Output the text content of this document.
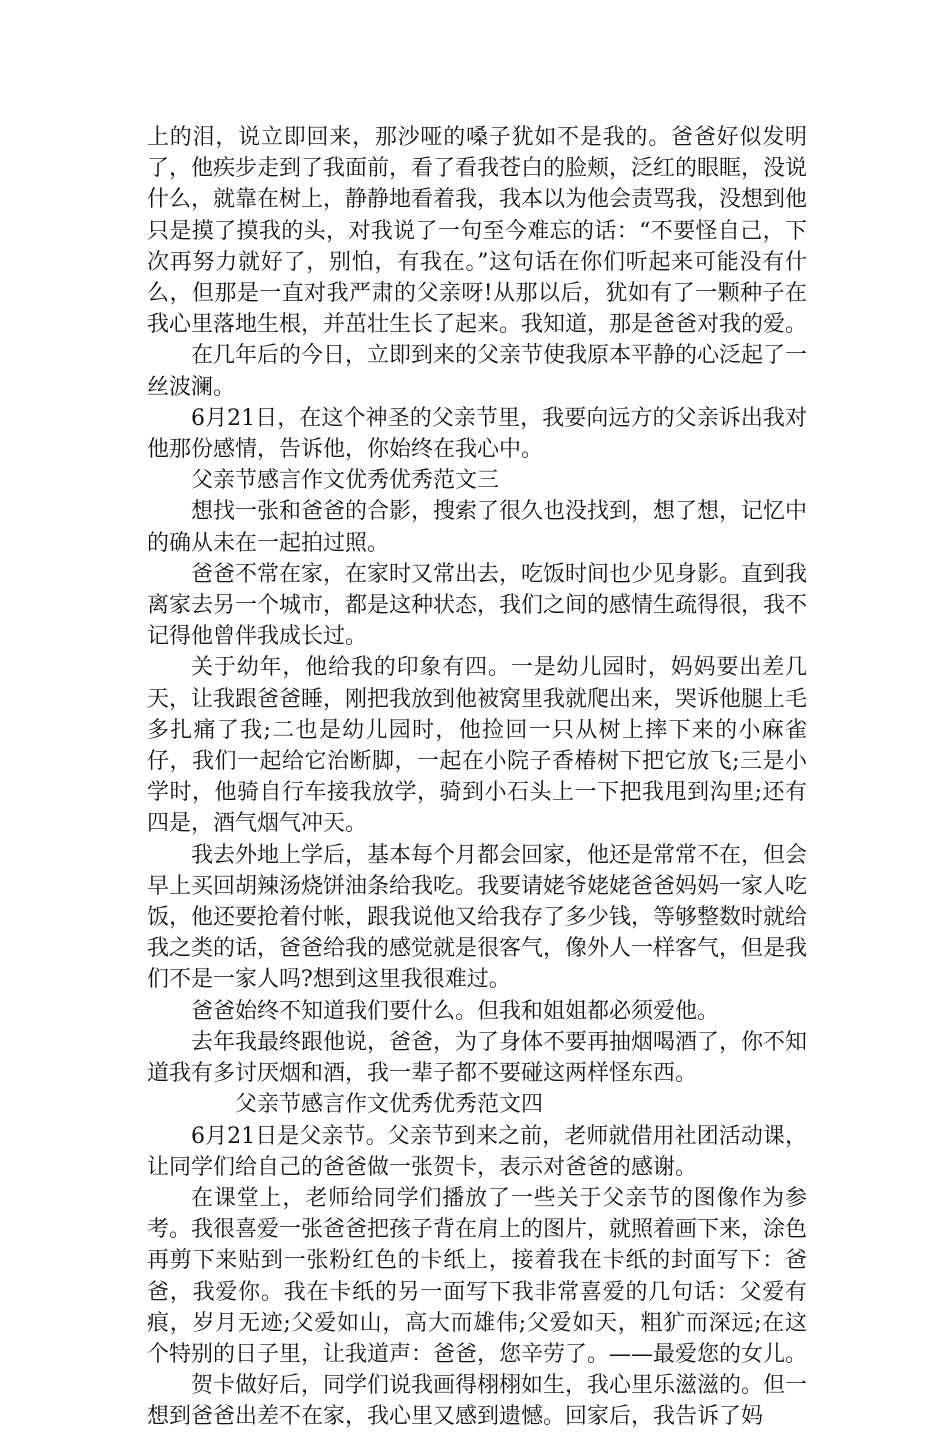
上的泪，说立即回来，那沙哑的嗓子犹如不是我的。爸爸好似发明了，他疾步走到了我面前，看了看我苍白的脸颊，泛红的眼眶，没说什么，就靠在树上，静静地看着我，我本以为他会责骂我，没想到他只是摸了摸我的头，对我说了一句至今难忘的话：“不要怪自己，下次再努力就好了，别怕，有我在。”这句话在你们听起来可能没有什么，但那是一直对我严肃的父亲呀!从那以后，犹如有了一颗种子在我心里落地生根，并茁壮生长了起来。我知道，那是爸爸对我的爱。

在几年后的今日，立即到来的父亲节使我原本平静的心泛起了一丝波澜。

6月21日，在这个神圣的父亲节里，我要向远方的父亲诉出我对他那份感情，告诉他，你始终在我心中。

父亲节感言作文优秀优秀范文三

想找一张和爸爸的合影，搜索了很久也没找到，想了想，记忆中的确从未在一起拍过照。

爸爸不常在家，在家时又常出去，吃饭时间也少见身影。直到我离家去另一个城市，都是这种状态，我们之间的感情生疏得很，我不记得他曾伴我成长过。

关于幼年，他给我的印象有四。一是幼儿园时，妈妈要出差几天，让我跟爸爸睡，刚把我放到他被窝里我就爬出来，哭诉他腿上毛多扎痛了我;二也是幼儿园时，他捡回一只从树上摔下来的小麻雀仔，我们一起给它治断脚，一起在小院子香椿树下把它放飞;三是小学时，他骑自行车接我放学，骑到小石头上一下把我甩到沟里;还有四是，酒气烟气冲天。

我去外地上学后，基本每个月都会回家，他还是常常不在，但会早上买回胡辣汤烧饼油条给我吃。我要请姥爷姥姥爸爸妈妈一家人吃饭，他还要抢着付帐，跟我说他又给我存了多少钱，等够整数时就给我之类的话，爸爸给我的感觉就是很客气，像外人一样客气，但是我们不是一家人吗?想到这里我很难过。

爸爸始终不知道我们要什么。但我和姐姐都必须爱他。

去年我最终跟他说，爸爸，为了身体不要再抽烟喝酒了，你不知道我有多讨厌烟和酒，我一辈子都不要碰这两样怪东西。

父亲节感言作文优秀优秀范文四

6月21日是父亲节。父亲节到来之前，老师就借用社团活动课，让同学们给自己的爸爸做一张贺卡，表示对爸爸的感谢。

在课堂上，老师给同学们播放了一些关于父亲节的图像作为参考。我很喜爱一张爸爸把孩子背在肩上的图片，就照着画下来，涂色再剪下来贴到一张粉红色的卡纸上，接着我在卡纸的封面写下：爸爸，我爱你。我在卡纸的另一面写下我非常喜爱的几句话：父爱有痕，岁月无迹;父爱如山，高大而雄伟;父爱如天，粗犷而深远;在这个特别的日子里，让我道声：爸爸，您辛劳了。——最爱您的女儿。

贺卡做好后，同学们说我画得栩栩如生，我心里乐滋滋的。但一想到爸爸出差不在家，我心里又感到遗憾。回家后，我告诉了妈
